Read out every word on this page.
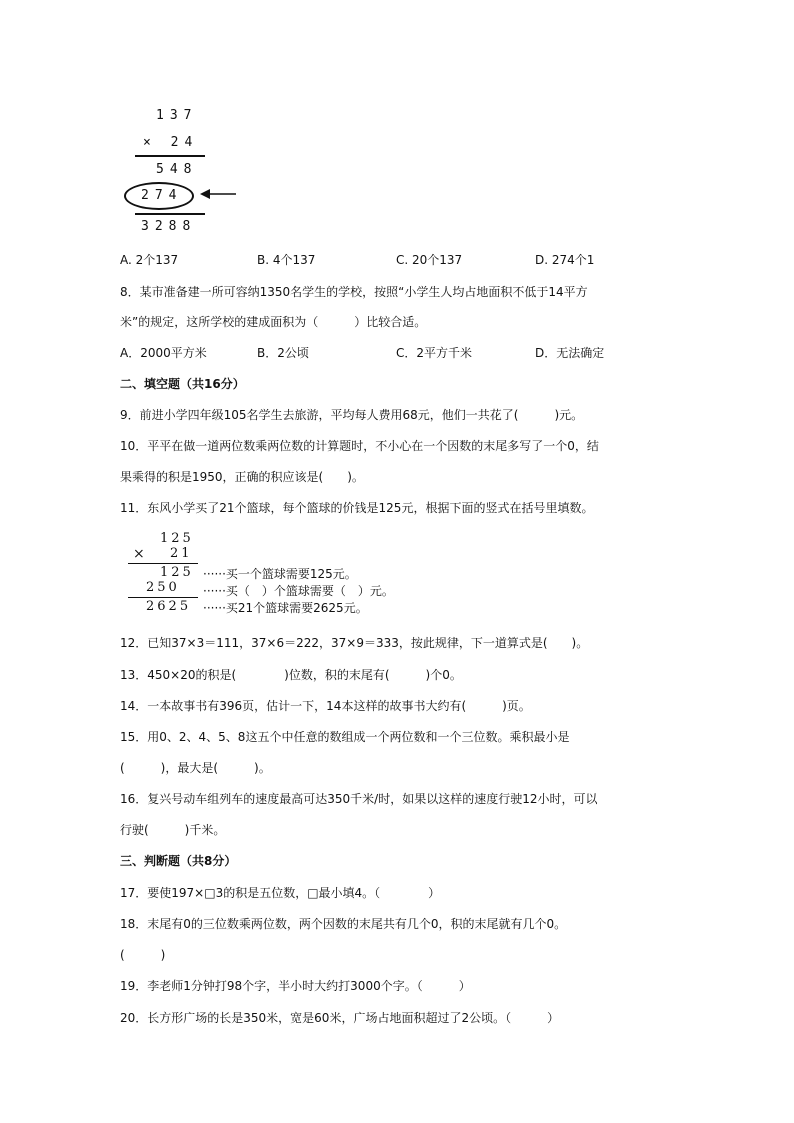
137
× 24
548
274
3288
A. 2个137	B. 4个137	C. 20个137	D. 274个1
8．某市准备建一所可容纳1350名学生的学校，按照“小学生人均占地面积不低于14平方
米”的规定，这所学校的建成面积为（　　　）比较合适。
A．2000平方米	B．2公顷	C．2平方千米	D．无法确定
二、填空题（共16分）
9．前进小学四年级105名学生去旅游，平均每人费用68元，他们一共花了(　　　)元。
10．平平在做一道两位数乘两位数的计算题时，不小心在一个因数的末尾多写了一个0，结
果乘得的积是1950，正确的积应该是(　　)。
11．东风小学买了21个篮球，每个篮球的价钱是125元，根据下面的竖式在括号里填数。
125
× 21
125 ······买一个篮球需要125元。
250 ······买（　）个篮球需要（　）元。
2625 ······买21个篮球需要2625元。
12．已知37×3＝111，37×6＝222，37×9＝333，按此规律，下一道算式是(　　)。
13．450×20的积是(　　　　)位数，积的末尾有(　　　)个0。
14．一本故事书有396页，估计一下，14本这样的故事书大约有(　　　)页。
15．用0、2、4、5、8这五个中任意的数组成一个两位数和一个三位数。乘积最小是
(　　　)，最大是(　　　)。
16．复兴号动车组列车的速度最高可达350千米/时，如果以这样的速度行驶12小时，可以
行驶(　　　)千米。
三、判断题（共8分）
17．要使197×□3的积是五位数，□最小填4。（　　　　）
18．末尾有0的三位数乘两位数，两个因数的末尾共有几个0，积的末尾就有几个0。
(　　　)
19．李老师1分钟打98个字，半小时大约打3000个字。（　　　）
20．长方形广场的长是350米，宽是60米，广场占地面积超过了2公顷。（　　　）
